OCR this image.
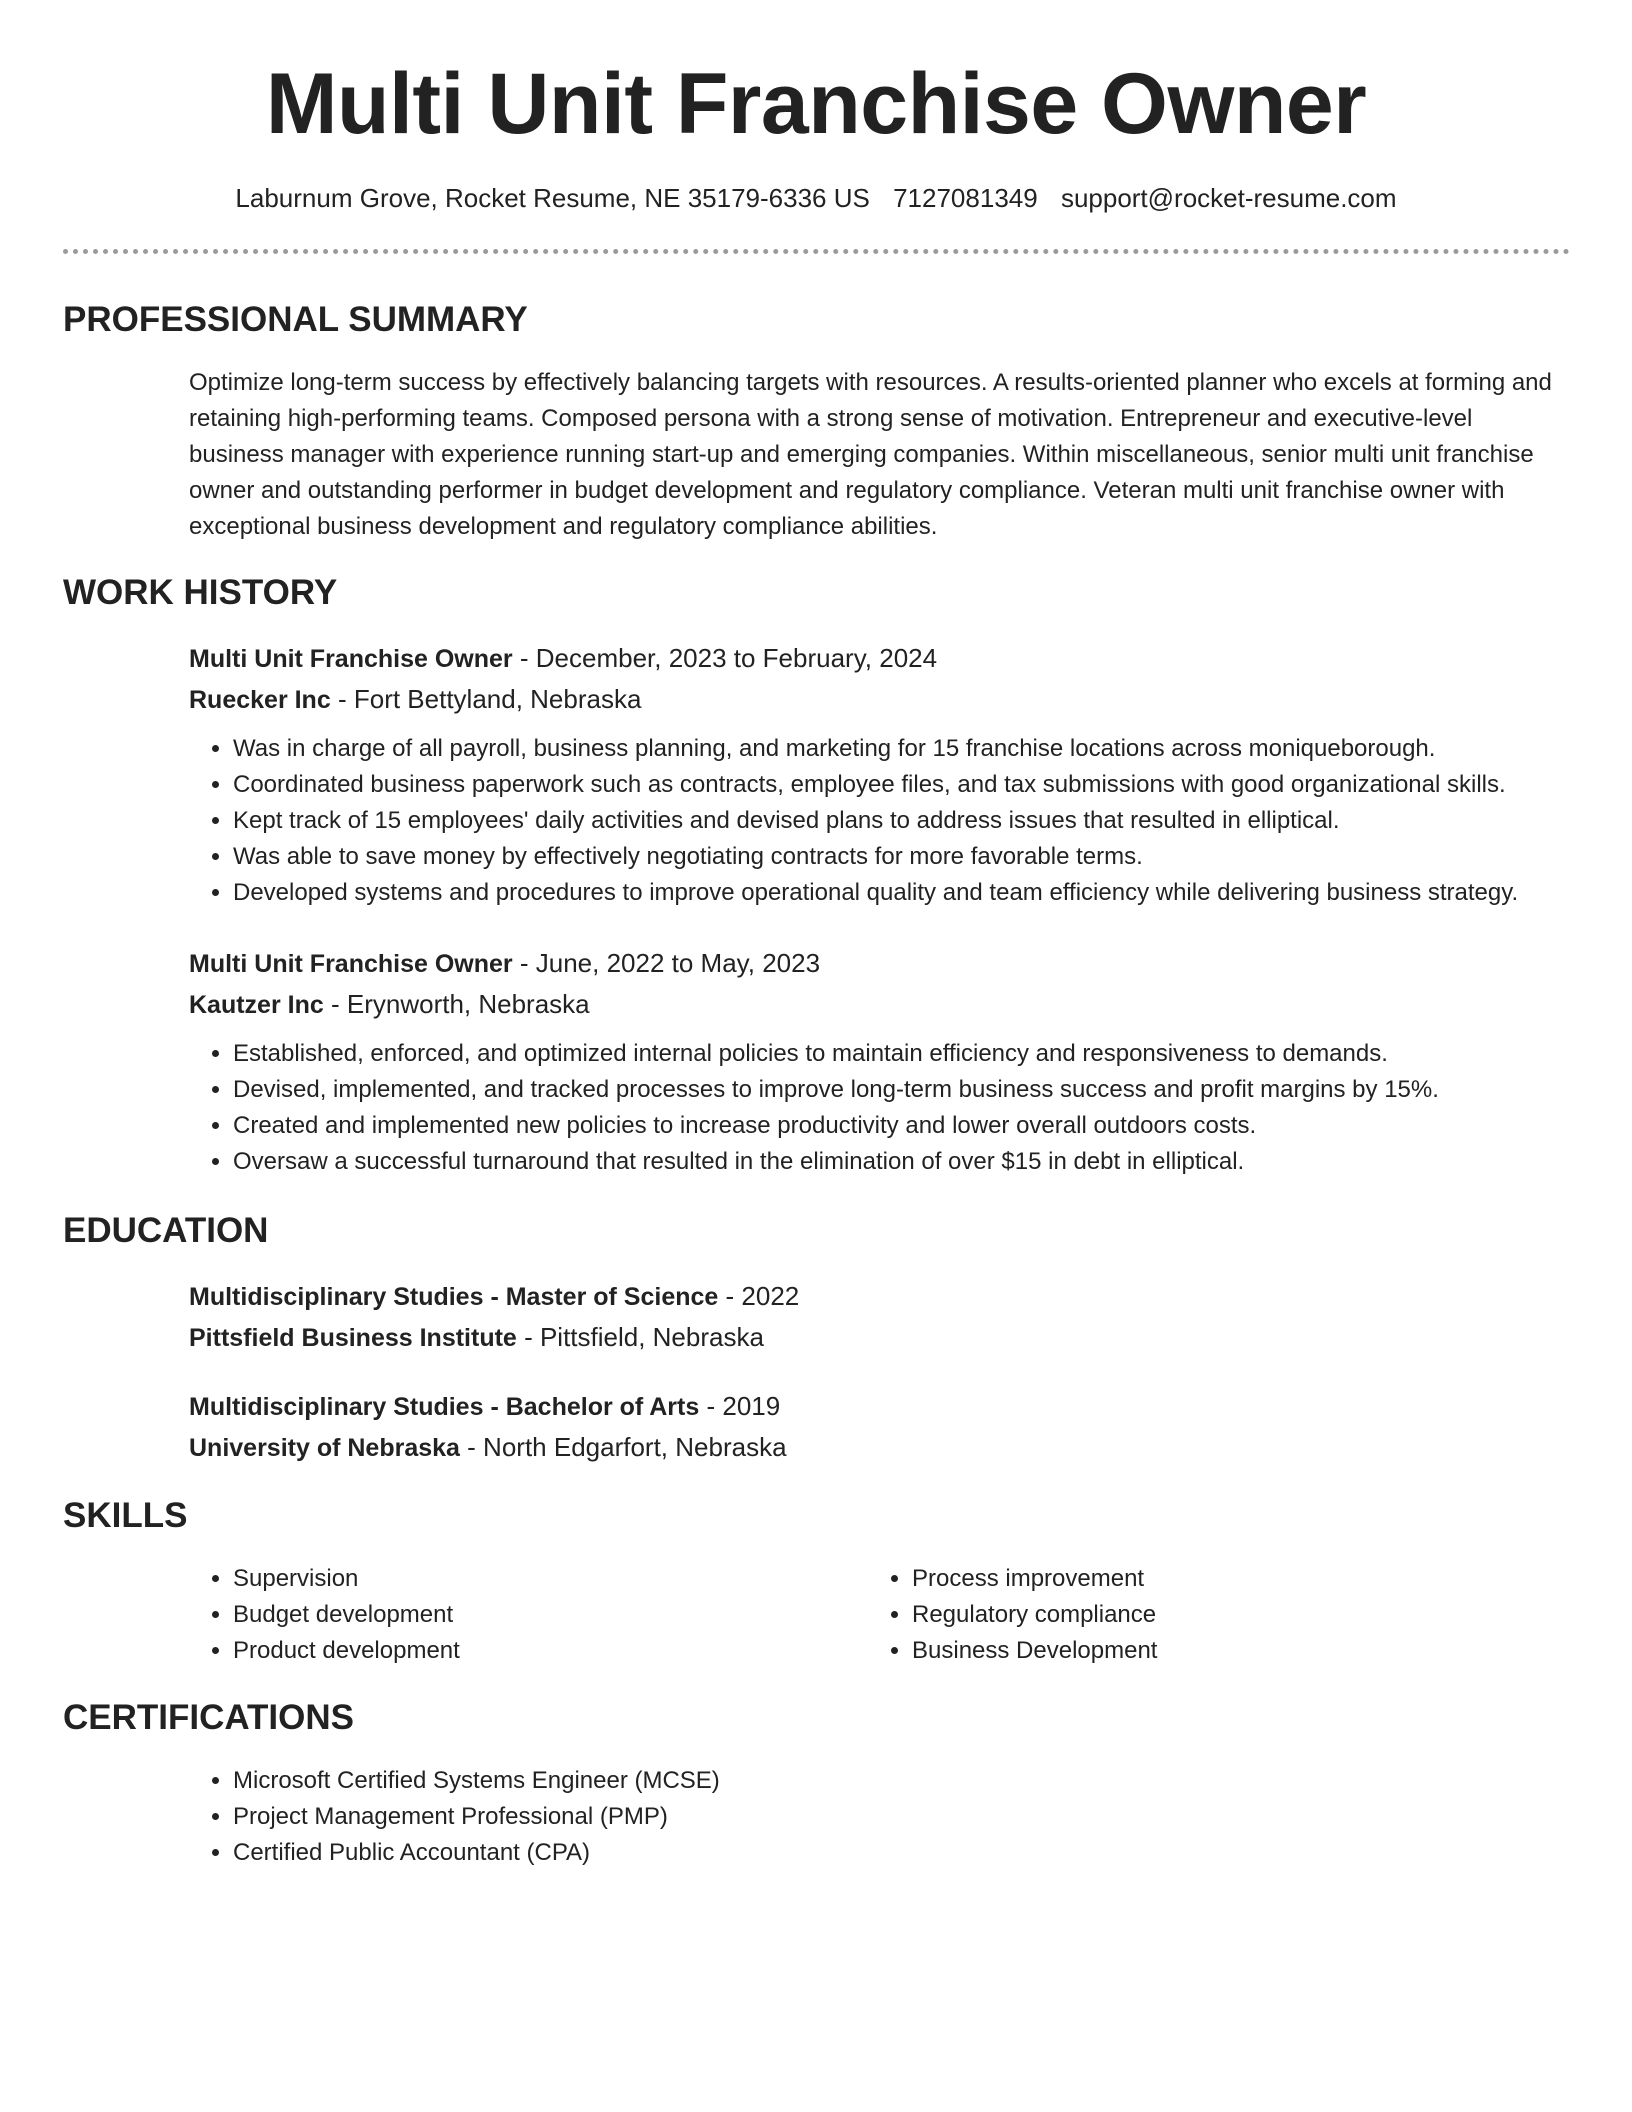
Multi Unit Franchise Owner
Laburnum Grove, Rocket Resume, NE 35179-6336 US 7127081349 support@rocket-resume.com
PROFESSIONAL SUMMARY

Optimize long-term success by effectively balancing targets with resources. A results-oriented planner who excels at forming and retaining high-performing teams. Composed persona with a strong sense of motivation. Entrepreneur and executive-level business manager with experience running start-up and emerging companies. Within miscellaneous, senior multi unit franchise owner and outstanding performer in budget development and regulatory compliance. Veteran multi unit franchise owner with exceptional business development and regulatory compliance abilities.

WORK HISTORY
Multi Unit Franchise Owner - December, 2023 to February, 2024
Ruecker Inc - Fort Bettyland, Nebraska
• Was in charge of all payroll, business planning, and marketing for 15 franchise locations across moniqueborough.
• Coordinated business paperwork such as contracts, employee files, and tax submissions with good organizational skills.
• Kept track of 15 employees' daily activities and devised plans to address issues that resulted in elliptical.
• Was able to save money by effectively negotiating contracts for more favorable terms.
• Developed systems and procedures to improve operational quality and team efficiency while delivering business strategy.
Multi Unit Franchise Owner - June, 2022 to May, 2023
Kautzer Inc - Erynworth, Nebraska
• Established, enforced, and optimized internal policies to maintain efficiency and responsiveness to demands.
• Devised, implemented, and tracked processes to improve long-term business success and profit margins by 15%.
• Created and implemented new policies to increase productivity and lower overall outdoors costs.
• Oversaw a successful turnaround that resulted in the elimination of over $15 in debt in elliptical.
EDUCATION
Multidisciplinary Studies - Master of Science - 2022
Pittsfield Business Institute - Pittsfield, Nebraska
Multidisciplinary Studies - Bachelor of Arts - 2019
University of Nebraska - North Edgarfort, Nebraska
SKILLS
• Supervision
• Budget development
• Product development
• Process improvement
• Regulatory compliance
• Business Development
CERTIFICATIONS
• Microsoft Certified Systems Engineer (MCSE)
• Project Management Professional (PMP)
• Certified Public Accountant (CPA)
